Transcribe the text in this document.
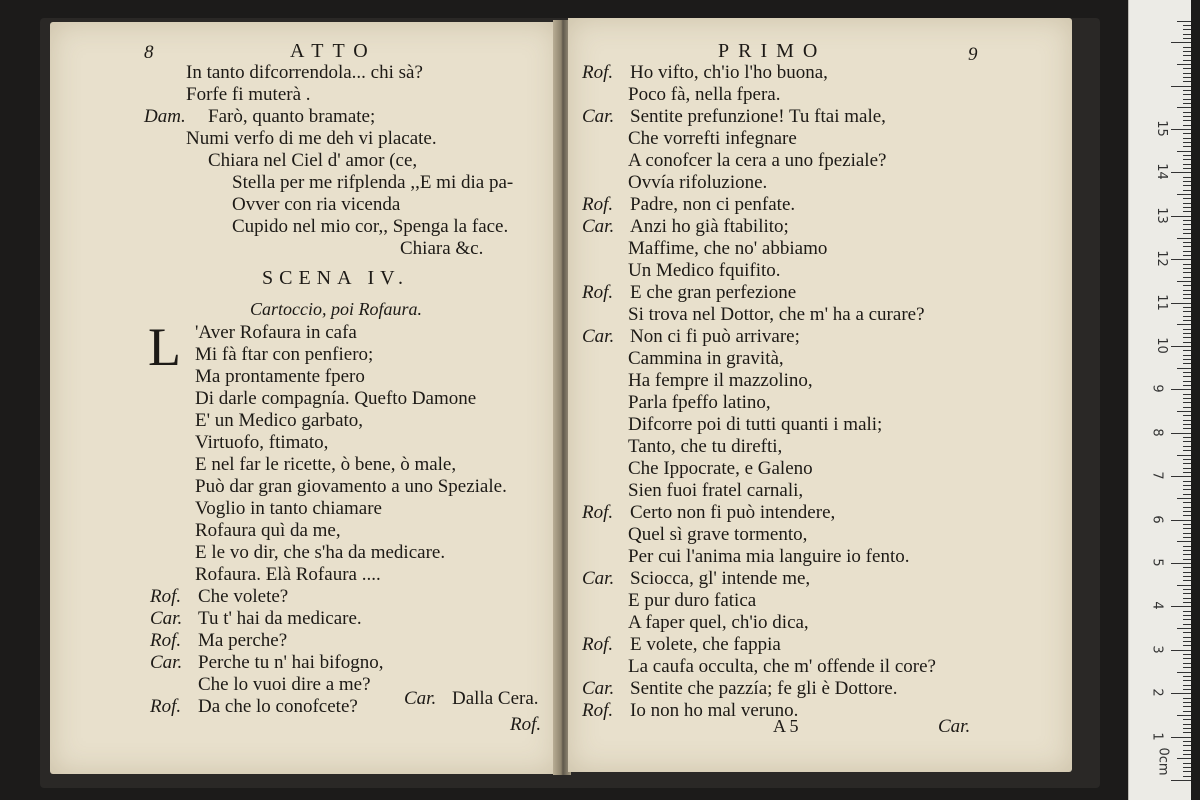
8	ATTO
In tanto difcorrendola... chi sà?
Forfe fi muterà .
Dam. Farò, quanto bramate;
Numi verfo di me deh vi placate.
Chiara nel Ciel d' amor (ce,
Stella per me rifplenda ,,E mi dia pa-
Ovver con ria vicenda
Cupido nel mio cor,, Spenga la face.
Chiara &c.
SCENA IV.
Cartoccio, poi Rofaura.
L 'Aver Rofaura in cafa
Mi fà ftar con penfiero;
Ma prontamente fpero
Di darle compagnía. Quefto Damone
E' un Medico garbato,
Virtuofo, ftimato,
E nel far le ricette, ò bene, ò male,
Può dar gran giovamento a uno Speziale.
Voglio in tanto chiamare
Rofaura quì da me,
E le vo dir, che s'ha da medicare.
Rofaura. Elà Rofaura ....
Rof. Che volete?
Car. Tu t' hai da medicare.
Rof. Ma perche?
Car. Perche tu n' hai bifogno,
Che lo vuoi dire a me?
Rof. Da che lo conofcete? Car. Dalla Cera.
Rof.
PRIMO	9
Rof. Ho vifto, ch'io l'ho buona,
Poco fà, nella fpera.
Car. Sentite prefunzione! Tu ftai male,
Che vorrefti infegnare
A conofcer la cera a uno fpeziale?
Ovvía rifoluzione.
Rof. Padre, non ci penfate.
Car. Anzi ho già ftabilito;
Maffime, che no' abbiamo
Un Medico fquifito.
Rof. E che gran perfezione
Si trova nel Dottor, che m' ha a curare?
Car. Non ci fi può arrivare;
Cammina in gravità,
Ha fempre il mazzolino,
Parla fpeffo latino,
Difcorre poi di tutti quanti i mali;
Tanto, che tu direfti,
Che Ippocrate, e Galeno
Sien fuoi fratel carnali,
Rof. Certo non fi può intendere,
Quel sì grave tormento,
Per cui l'anima mia languire io fento.
Car. Sciocca, gl' intende me,
E pur duro fatica
A faper quel, ch'io dica,
Rof. E volete, che fappia
La caufa occulta, che m' offende il core?
Car. Sentite che pazzía; fe gli è Dottore.
Rof. Io non ho mal veruno.
A 5	Car.	1
2
3
4
5
6
7
8
9
10
11
12
13
14
15
0cm
